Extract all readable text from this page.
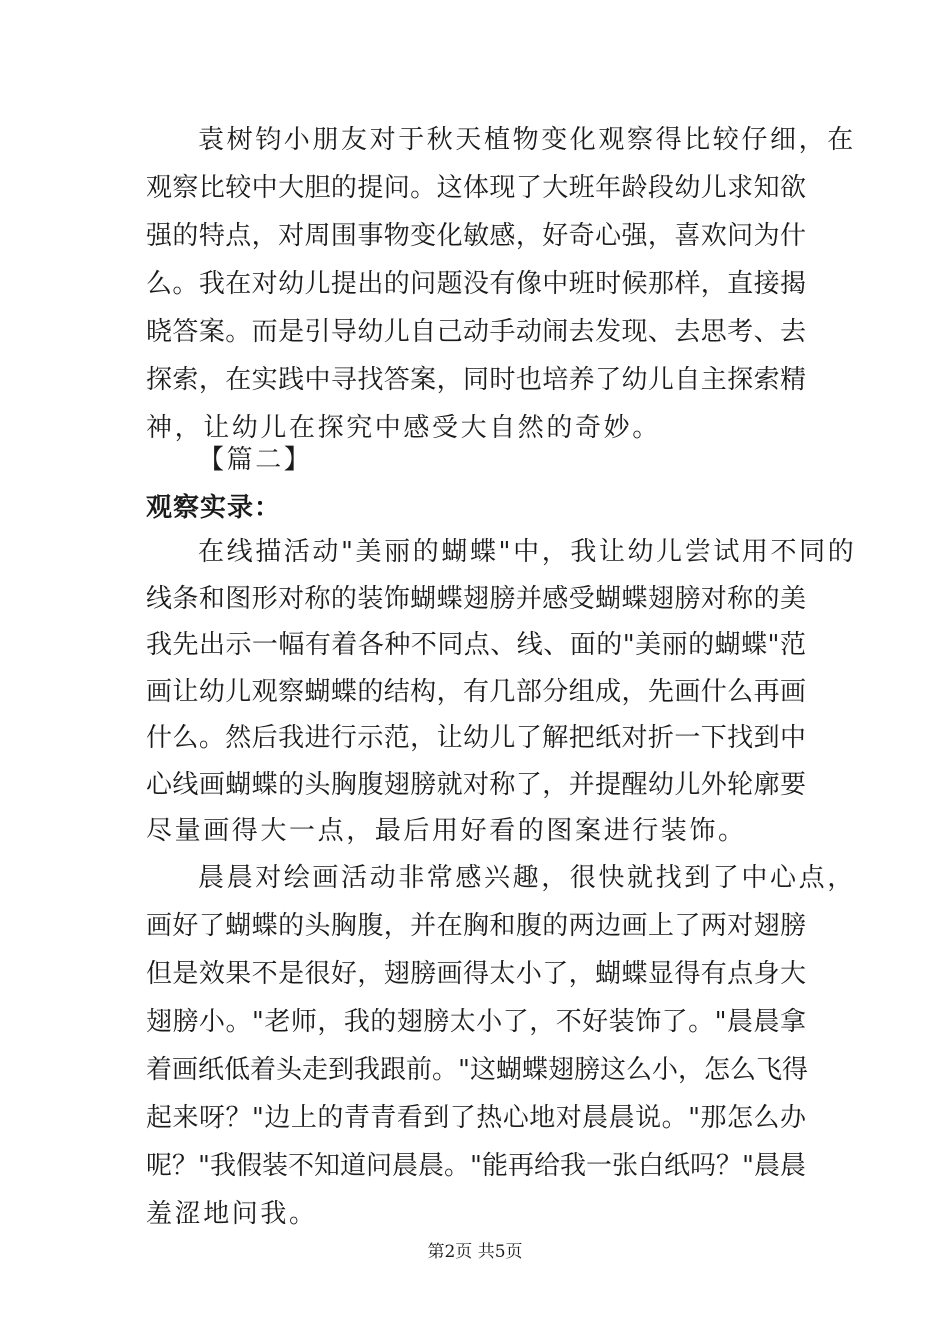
袁树钧小朋友对于秋天植物变化观察得比较仔细，在
观察比较中大胆的提问。这体现了大班年龄段幼儿求知欲
强的特点，对周围事物变化敏感，好奇心强，喜欢问为什
么。我在对幼儿提出的问题没有像中班时候那样，直接揭
晓答案。而是引导幼儿自己动手动闹去发现、去思考、去
探索，在实践中寻找答案，同时也培养了幼儿自主探索精
神，让幼儿在探究中感受大自然的奇妙。
【篇二】
观察实录：
在线描活动"美丽的蝴蝶"中，我让幼儿尝试用不同的
线条和图形对称的装饰蝴蝶翅膀并感受蝴蝶翅膀对称的美
我先出示一幅有着各种不同点、线、面的"美丽的蝴蝶"范
画让幼儿观察蝴蝶的结构，有几部分组成，先画什么再画
什么。然后我进行示范，让幼儿了解把纸对折一下找到中
心线画蝴蝶的头胸腹翅膀就对称了，并提醒幼儿外轮廓要
尽量画得大一点，最后用好看的图案进行装饰。
晨晨对绘画活动非常感兴趣，很快就找到了中心点，
画好了蝴蝶的头胸腹，并在胸和腹的两边画上了两对翅膀
但是效果不是很好，翅膀画得太小了，蝴蝶显得有点身大
翅膀小。"老师，我的翅膀太小了，不好装饰了。"晨晨拿
着画纸低着头走到我跟前。"这蝴蝶翅膀这么小，怎么飞得
起来呀？"边上的青青看到了热心地对晨晨说。"那怎么办
呢？"我假装不知道问晨晨。"能再给我一张白纸吗？"晨晨
羞涩地问我。
第2页 共5页
